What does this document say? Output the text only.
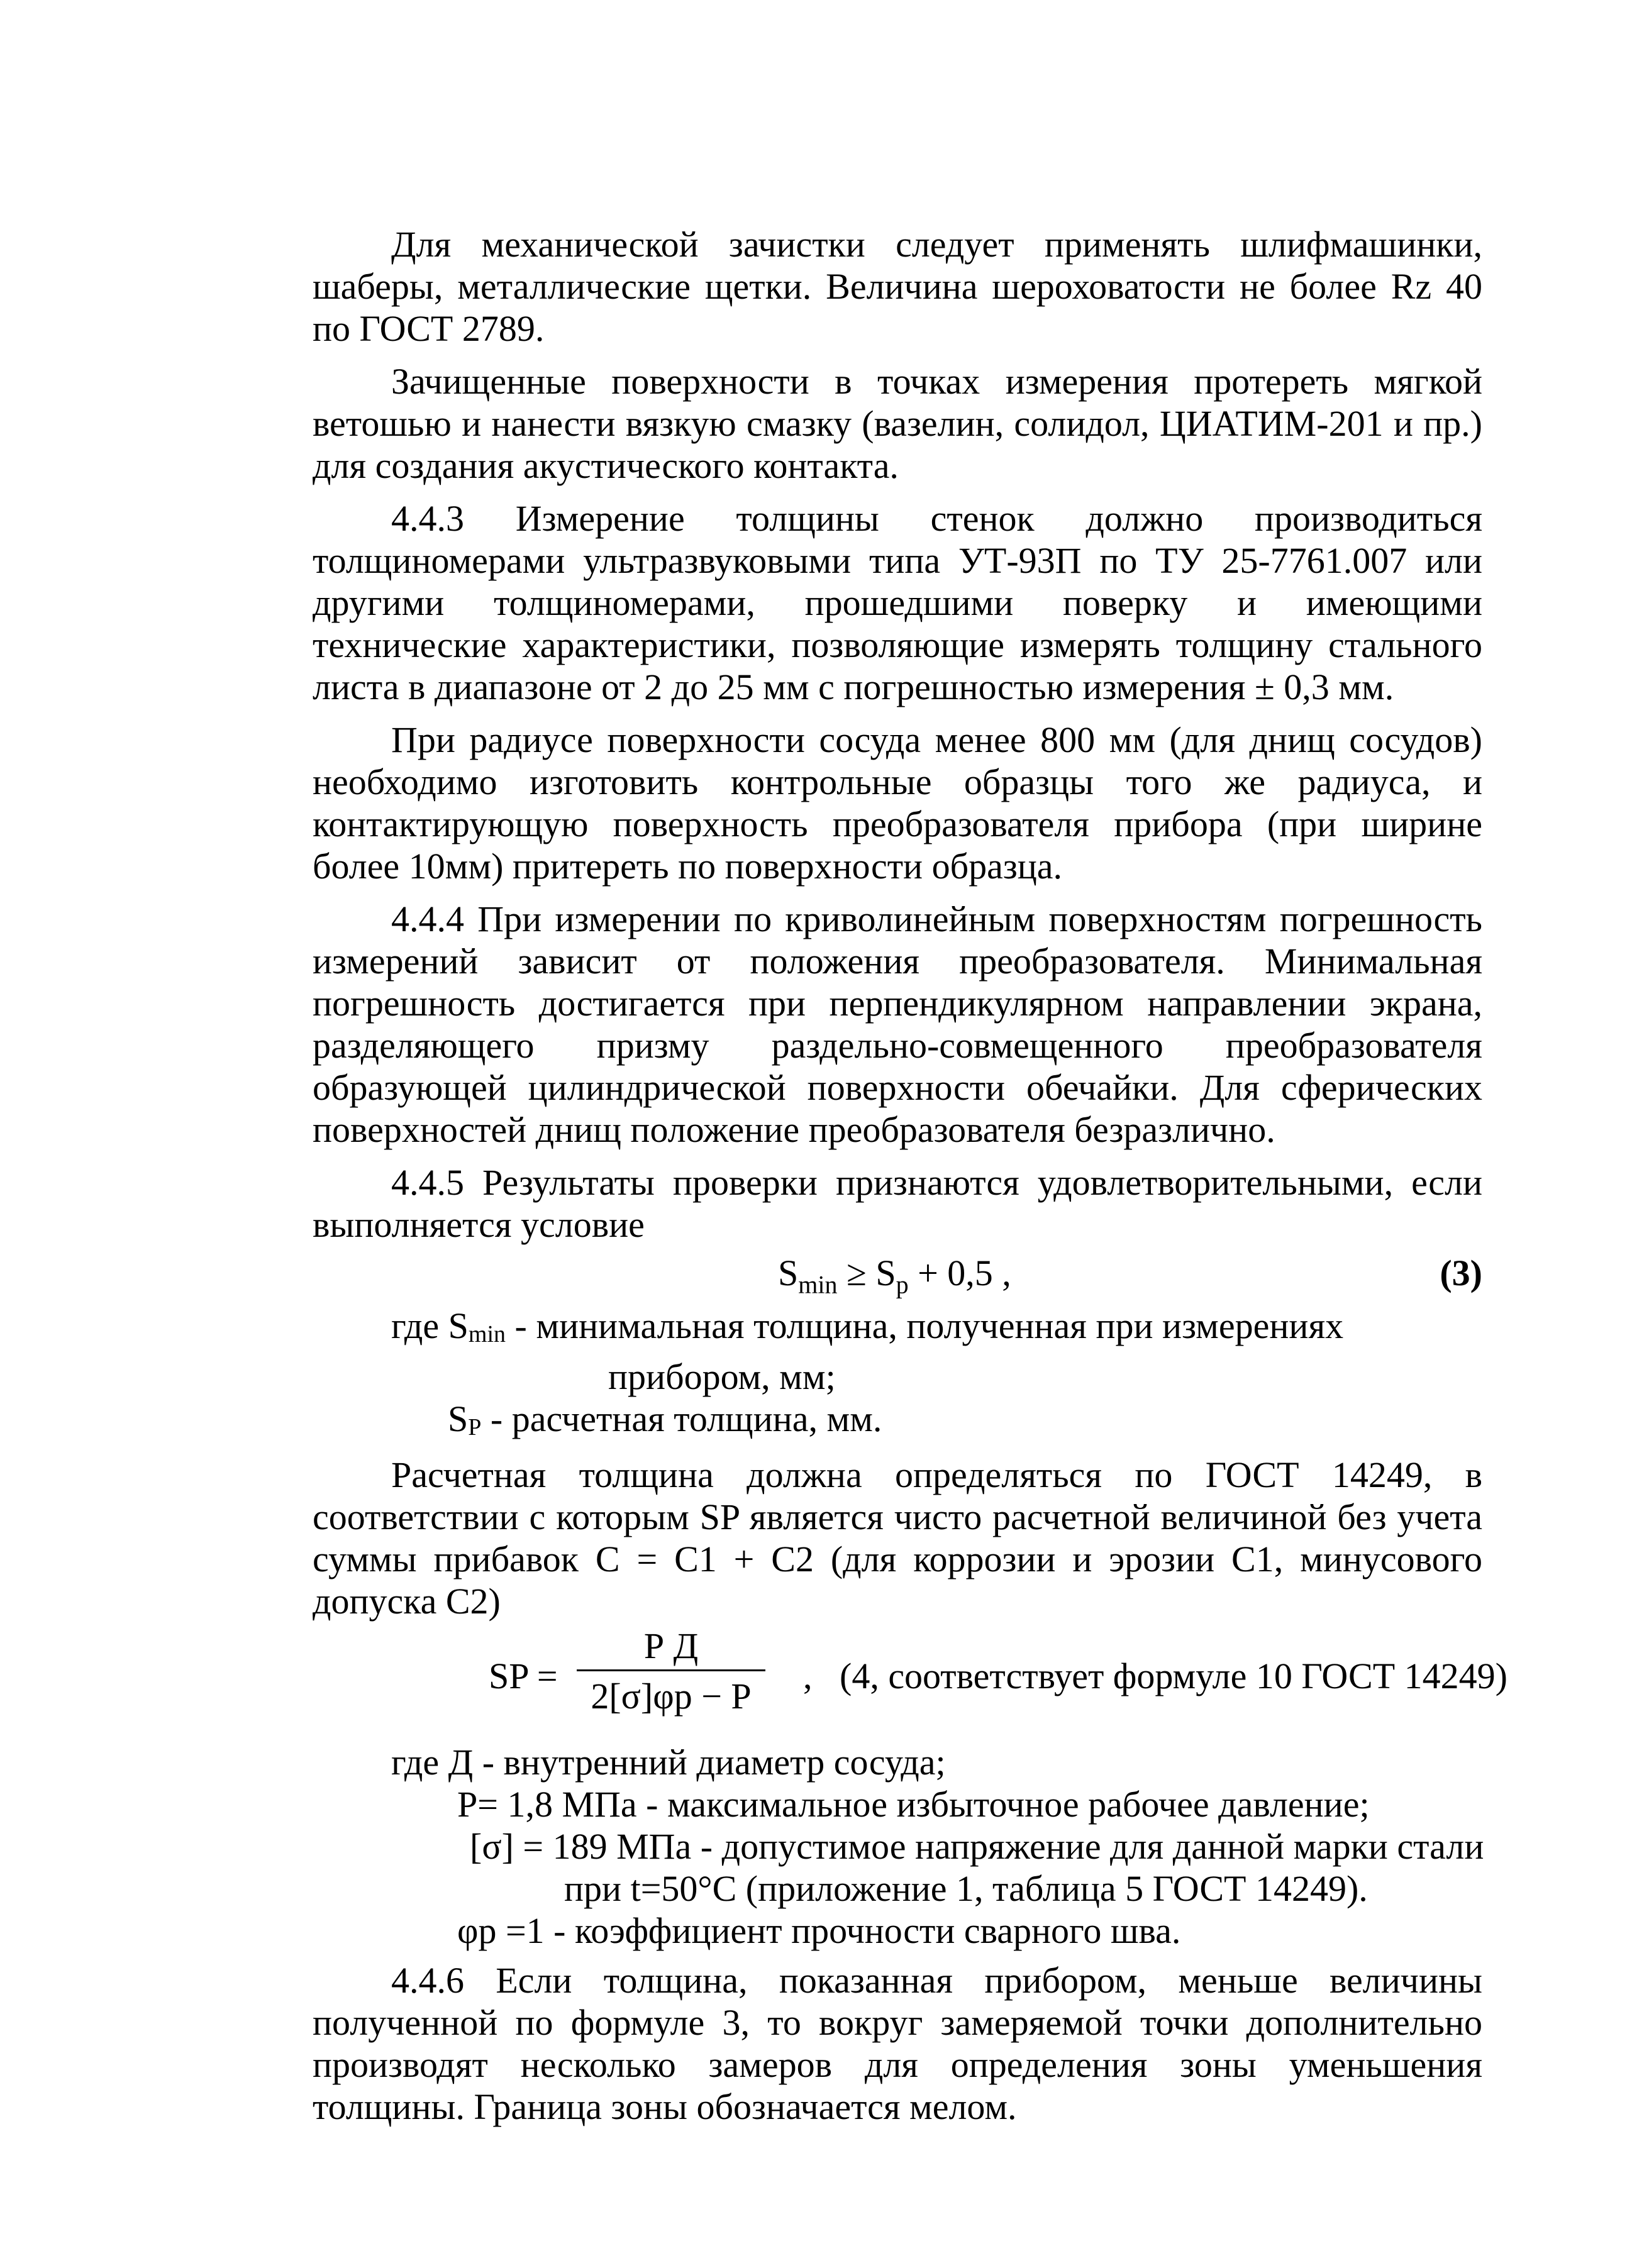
Для механической зачистки следует применять шлифмашинки, шаберы, металлические щетки. Величина шероховатости не более Rz 40 по ГОСТ 2789.

Зачищенные поверхности в точках измерения протереть мягкой ветошью и нанести вязкую смазку (вазелин, солидол, ЦИАТИМ-201 и пр.) для создания акустического контакта.

4.4.3 Измерение толщины стенок должно производиться толщиномерами ультразвуковыми типа УТ-93П по ТУ 25-7761.007 или другими толщиномерами, прошедшими поверку и имеющими технические характеристики, позволяющие измерять толщину стального листа в диапазоне от 2 до 25 мм с погрешностью измерения ± 0,3 мм.

При радиусе поверхности сосуда менее 800 мм (для днищ сосудов) необходимо изготовить контрольные образцы того же радиуса, и контактирующую поверхность преобразователя прибора (при ширине более 10мм) притереть по поверхности образца.

4.4.4 При измерении по криволинейным поверхностям погрешность измерений зависит от положения преобразователя. Минимальная погрешность достигается при перпендикулярном направлении экрана, разделяющего призму раздельно-совмещенного преобразователя образующей цилиндрической поверхности обечайки. Для сферических поверхностей днищ положение преобразователя безразлично.

4.4.5 Результаты проверки признаются удовлетворительными, если выполняется условие

$S_{min} \ge S_p + 0,5$ ,	(3)
где Smin - минимальная толщина, полученная при измерениях
прибором, мм;
SP - расчетная толщина, мм.

Расчетная толщина должна определяться по ГОСТ 14249, в соответствии с которым SP является чисто расчетной величиной без учета суммы прибавок С = С1 + С2 (для коррозии и эрозии С1, минусового допуска С2)

SP =
Р Д
2[σ]φp − Р	, (4, соответствует формуле 10 ГОСТ 14249)
где Д - внутренний диаметр сосуда;
Р= 1,8 МПа - максимальное избыточное рабочее давление;
[σ] = 189 МПа - допустимое напряжение для данной марки стали
при t=50°С (приложение 1, таблица 5 ГОСТ 14249).
φp =1 - коэффициент прочности сварного шва.

4.4.6 Если толщина, показанная прибором, меньше величины полученной по формуле 3, то вокруг замеряемой точки дополнительно производят несколько замеров для определения зоны уменьшения толщины. Граница зоны обозначается мелом.
